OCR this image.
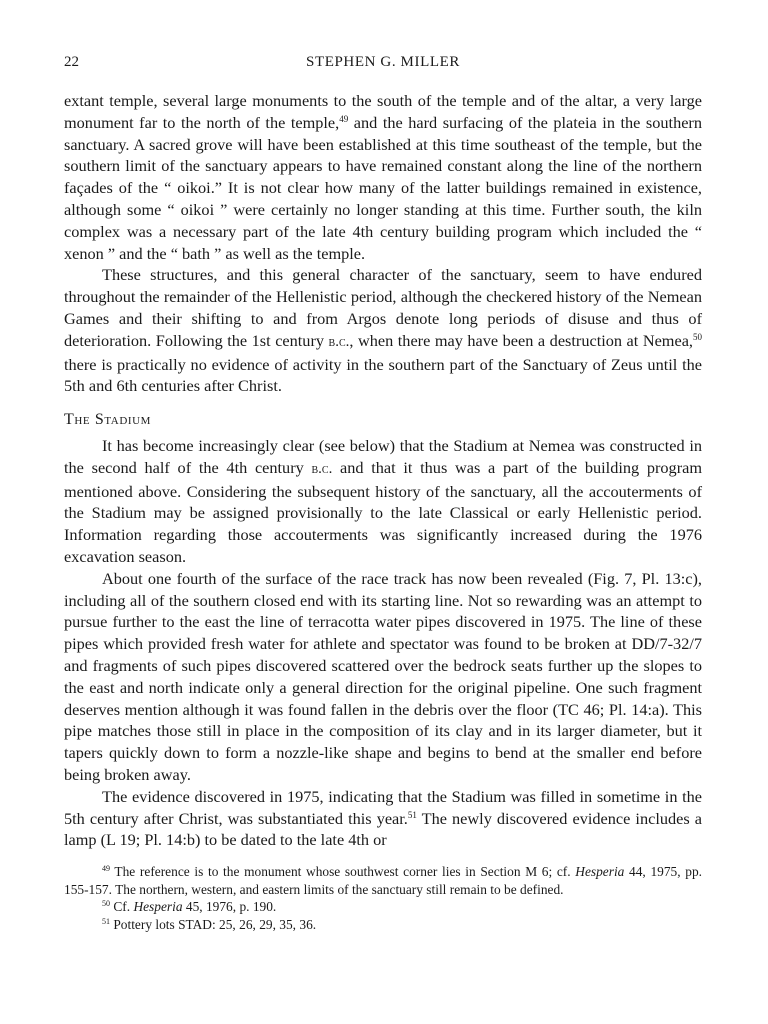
22	STEPHEN G. MILLER

extant temple, several large monuments to the south of the temple and of the altar, a very large monument far to the north of the temple,$^{49}$ and the hard surfacing of the plateia in the southern sanctuary. A sacred grove will have been established at this time southeast of the temple, but the southern limit of the sanctuary appears to have remained constant along the line of the northern façades of the “ oikoi.” It is not clear how many of the latter buildings remained in existence, although some “ oikoi ” were certainly no longer standing at this time. Further south, the kiln complex was a necessary part of the late 4th century building program which included the “ xenon ” and the “ bath ” as well as the temple.

These structures, and this general character of the sanctuary, seem to have endured throughout the remainder of the Hellenistic period, although the checkered history of the Nemean Games and their shifting to and from Argos denote long periods of disuse and thus of deterioration. Following the 1st century b.c., when there may have been a destruction at Nemea,$^{50}$ there is practically no evidence of activity in the southern part of the Sanctuary of Zeus until the 5th and 6th centuries after Christ.

The Stadium

It has become increasingly clear (see below) that the Stadium at Nemea was constructed in the second half of the 4th century b.c. and that it thus was a part of the building program mentioned above. Considering the subsequent history of the sanctuary, all the accouterments of the Stadium may be assigned provisionally to the late Classical or early Hellenistic period. Information regarding those accouterments was significantly increased during the 1976 excavation season.

About one fourth of the surface of the race track has now been revealed (Fig. 7, Pl. 13:c), including all of the southern closed end with its starting line. Not so rewarding was an attempt to pursue further to the east the line of terracotta water pipes discovered in 1975. The line of these pipes which provided fresh water for athlete and spectator was found to be broken at DD/7-32/7 and fragments of such pipes discovered scattered over the bedrock seats further up the slopes to the east and north indicate only a general direction for the original pipeline. One such fragment deserves mention although it was found fallen in the debris over the floor (TC 46; Pl. 14:a). This pipe matches those still in place in the composition of its clay and in its larger diameter, but it tapers quickly down to form a nozzle-like shape and begins to bend at the smaller end before being broken away.

The evidence discovered in 1975, indicating that the Stadium was filled in sometime in the 5th century after Christ, was substantiated this year.$^{51}$ The newly discovered evidence includes a lamp (L 19; Pl. 14:b) to be dated to the late 4th or

$^{49}$ The reference is to the monument whose southwest corner lies in Section M 6; cf. Hesperia 44, 1975, pp. 155-157. The northern, western, and eastern limits of the sanctuary still remain to be defined.

$^{50}$ Cf. Hesperia 45, 1976, p. 190.

$^{51}$ Pottery lots STAD: 25, 26, 29, 35, 36.
